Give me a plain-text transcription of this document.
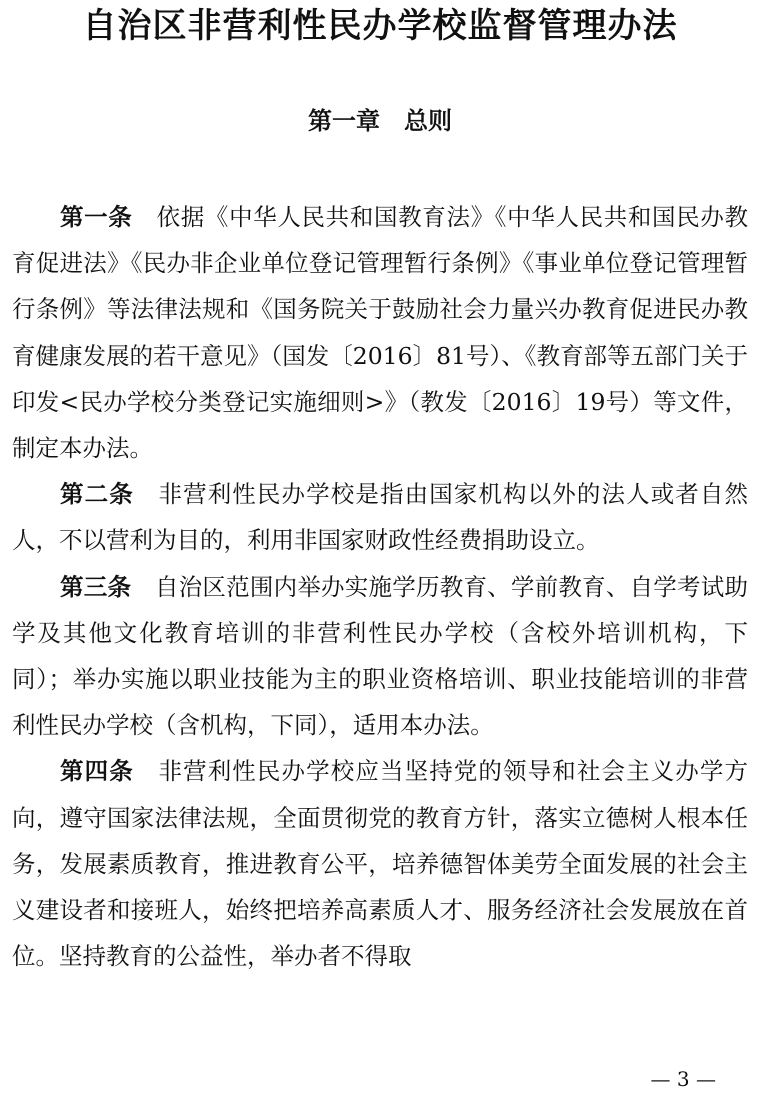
自治区非营利性民办学校监督管理办法
第一章　总则

第一条　 依据《中华人民共和国教育法》《中华人民共和国民办教育促进法》《民办非企业单位登记管理暂行条例》《事业单位登记管理暂行条例》等法律法规和《国务院关于鼓励社会力量兴办教育促进民办教育健康发展的若干意见》（国发〔2016〕81号）、《教育部等五部门关于印发<民办学校分类登记实施细则>》（教发〔2016〕19号）等文件，制定本办法。

第二条　 非营利性民办学校是指由国家机构以外的法人或者自然人，不以营利为目的，利用非国家财政性经费捐助设立。

第三条　 自治区范围内举办实施学历教育、学前教育、自学考试助学及其他文化教育培训的非营利性民办学校（含校外培训机构，下同）；举办实施以职业技能为主的职业资格培训、职业技能培训的非营利性民办学校（含机构，下同），适用本办法。

第四条　 非营利性民办学校应当坚持党的领导和社会主义办学方向，遵守国家法律法规，全面贯彻党的教育方针，落实立德树人根本任务，发展素质教育，推进教育公平，培养德智体美劳全面发展的社会主义建设者和接班人，始终把培养高素质人才、服务经济社会发展放在首位。坚持教育的公益性，举办者不得取

— 3 —
